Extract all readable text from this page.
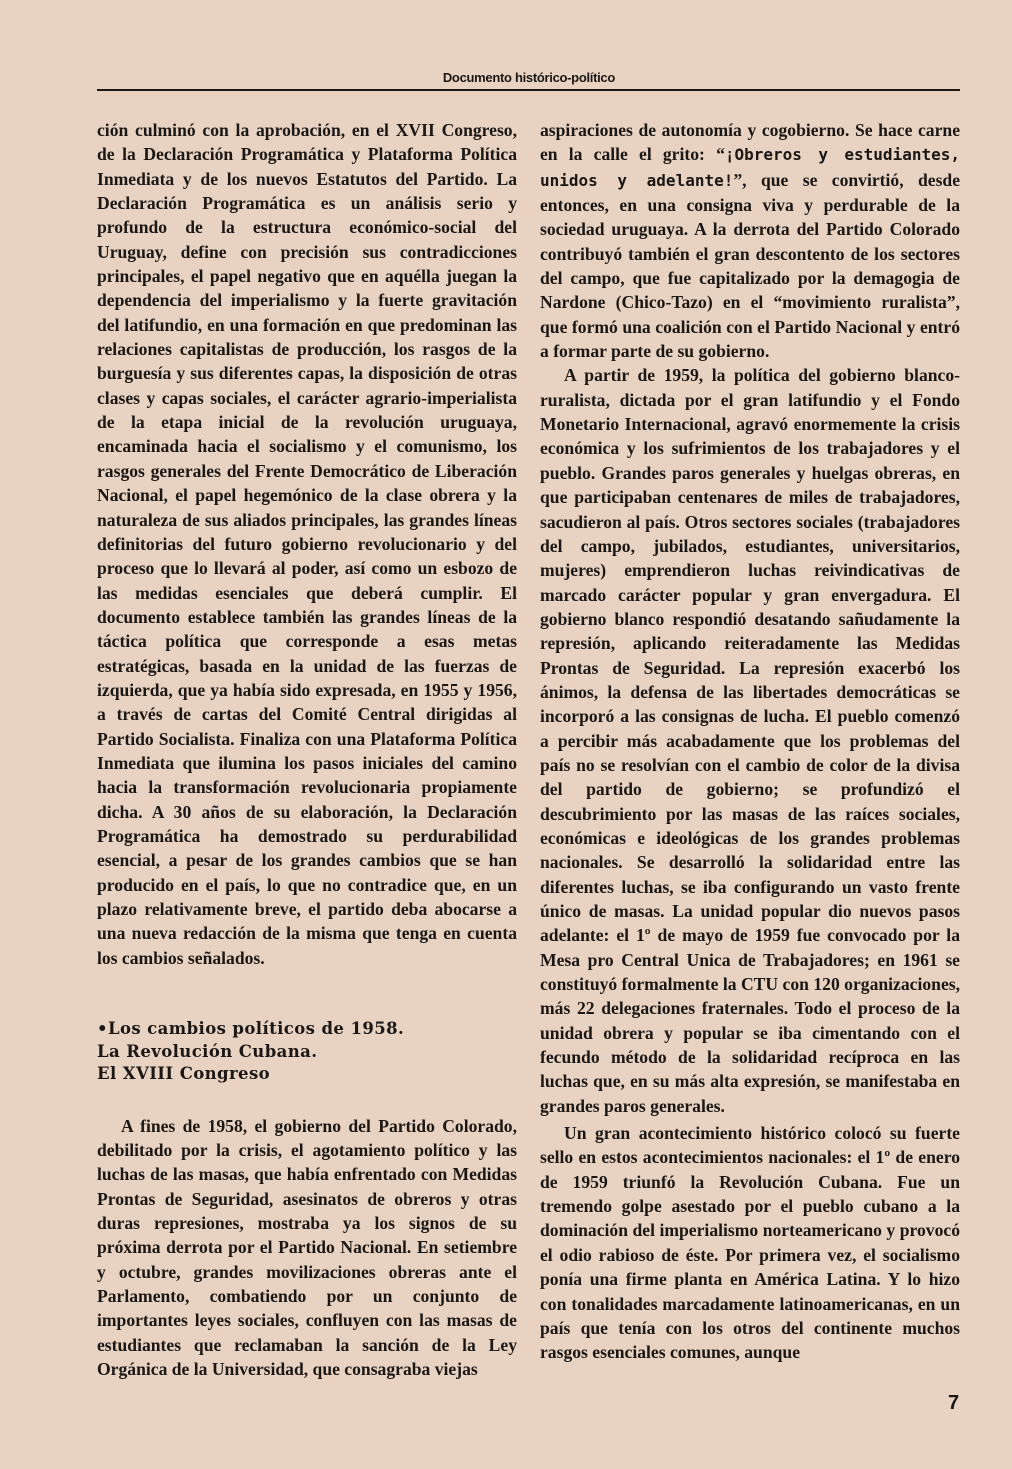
Documento histórico-político

ción culminó con la aprobación, en el XVII Congreso, de la Declaración Programática y Plataforma Política Inmediata y de los nuevos Estatutos del Partido. La Declaración Programática es un análisis serio y profundo de la estructura económico-social del Uruguay, define con precisión sus contradicciones principales, el papel negativo que en aquélla juegan la dependencia del imperialismo y la fuerte gravitación del latifundio, en una formación en que predominan las relaciones capitalistas de producción, los rasgos de la burguesía y sus diferentes capas, la disposición de otras clases y capas sociales, el carácter agrario-imperialista de la etapa inicial de la revolución uruguaya, encaminada hacia el socialismo y el comunismo, los rasgos generales del Frente Democrático de Liberación Nacional, el papel hegemónico de la clase obrera y la naturaleza de sus aliados principales, las grandes líneas definitorias del futuro gobierno revolucionario y del proceso que lo llevará al poder, así como un esbozo de las medidas esenciales que deberá cumplir. El documento establece también las grandes líneas de la táctica política que corresponde a esas metas estratégicas, basada en la unidad de las fuerzas de izquierda, que ya había sido expresada, en 1955 y 1956, a través de cartas del Comité Central dirigidas al Partido Socialista. Finaliza con una Plataforma Política Inmediata que ilumina los pasos iniciales del camino hacia la transformación revolucionaria propiamente dicha. A 30 años de su elaboración, la Declaración Programática ha demostrado su perdurabilidad esencial, a pesar de los grandes cambios que se han producido en el país, lo que no contradice que, en un plazo relativamente breve, el partido deba abocarse a una nueva redacción de la misma que tenga en cuenta los cambios señalados.

•Los cambios políticos de 1958.

La Revolución Cubana.

El XVIII Congreso

A fines de 1958, el gobierno del Partido Colorado, debilitado por la crisis, el agotamiento político y las luchas de las masas, que había enfrentado con Medidas Prontas de Seguridad, asesinatos de obreros y otras duras represiones, mostraba ya los signos de su próxima derrota por el Partido Nacional. En setiembre y octubre, grandes movilizaciones obreras ante el Parlamento, combatiendo por un conjunto de importantes leyes sociales, confluyen con las masas de estudiantes que reclamaban la sanción de la Ley Orgánica de la Universidad, que consagraba viejas

aspiraciones de autonomía y cogobierno. Se hace carne en la calle el grito: “¡Obreros y estudiantes, unidos y adelante!”, que se convirtió, desde entonces, en una consigna viva y perdurable de la sociedad uruguaya. A la derrota del Partido Colorado contribuyó también el gran descontento de los sectores del campo, que fue capitalizado por la demagogia de Nardone (Chico-Tazo) en el “movimiento ruralista”, que formó una coalición con el Partido Nacional y entró a formar parte de su gobierno.

A partir de 1959, la política del gobierno blanco-ruralista, dictada por el gran latifundio y el Fondo Monetario Internacional, agravó enormemente la crisis económica y los sufrimientos de los trabajadores y el pueblo. Grandes paros generales y huelgas obreras, en que participaban centenares de miles de trabajadores, sacudieron al país. Otros sectores sociales (trabajadores del campo, jubilados, estudiantes, universitarios, mujeres) emprendieron luchas reivindicativas de marcado carácter popular y gran envergadura. El gobierno blanco respondió desatando sañudamente la represión, aplicando reiteradamente las Medidas Prontas de Seguridad. La represión exacerbó los ánimos, la defensa de las libertades democráticas se incorporó a las consignas de lucha. El pueblo comenzó a percibir más acabadamente que los problemas del país no se resolvían con el cambio de color de la divisa del partido de gobierno; se profundizó el descubrimiento por las masas de las raíces sociales, económicas e ideológicas de los grandes problemas nacionales. Se desarrolló la solidaridad entre las diferentes luchas, se iba configurando un vasto frente único de masas. La unidad popular dio nuevos pasos adelante: el 1º de mayo de 1959 fue convocado por la Mesa pro Central Unica de Trabajadores; en 1961 se constituyó formalmente la CTU con 120 organizaciones, más 22 delegaciones fraternales. Todo el proceso de la unidad obrera y popular se iba cimentando con el fecundo método de la solidaridad recíproca en las luchas que, en su más alta expresión, se manifestaba en grandes paros generales.

Un gran acontecimiento histórico colocó su fuerte sello en estos acontecimientos nacionales: el 1º de enero de 1959 triunfó la Revolución Cubana. Fue un tremendo golpe asestado por el pueblo cubano a la dominación del imperialismo norteamericano y provocó el odio rabioso de éste. Por primera vez, el socialismo ponía una firme planta en América Latina. Y lo hizo con tonalidades marcadamente latinoamericanas, en un país que tenía con los otros del continente muchos rasgos esenciales comunes, aunque

7
